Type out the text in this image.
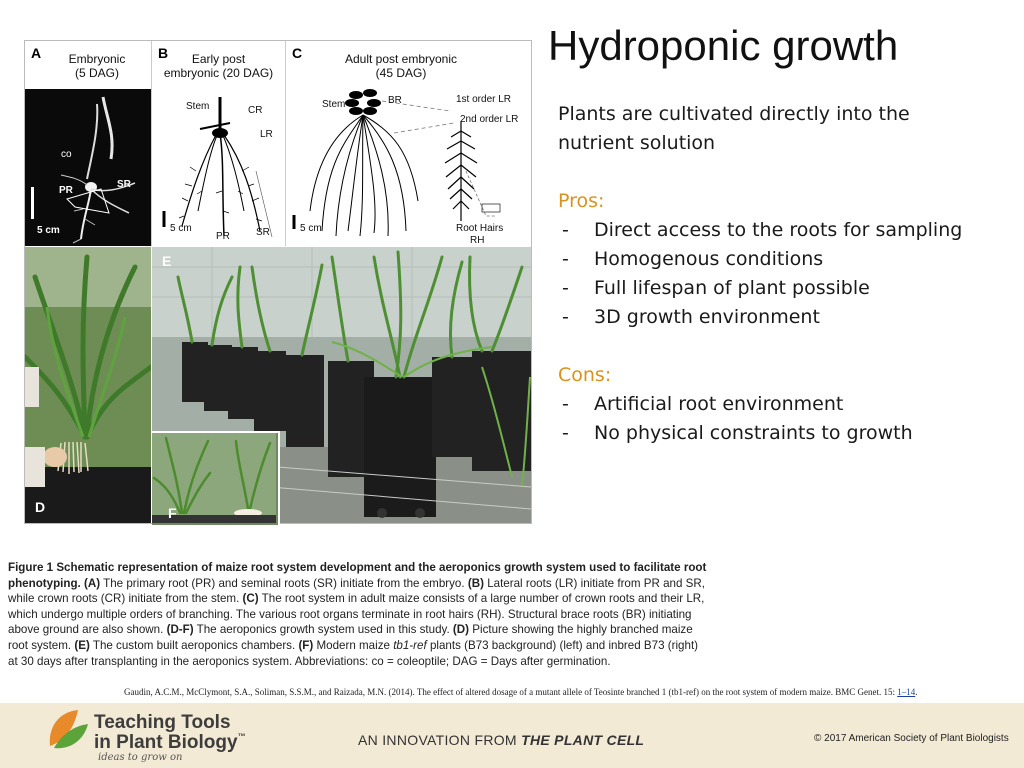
A	Embryonic
(5 DAG)
co
PR
SR
5 cm
B	Early post
embryonic (20 DAG)
Stem	CR
LR
5 cm
PR	SR
C	Adult post embryonic
(45 DAG)
Stem	BR	1st order LR
2nd order LR
5 cm	Root Hairs
RH
D
E
F
Hydroponic growth
Plants are cultivated directly into the nutrient solution
Pros:
-	Direct access to the roots for sampling
-	Homogenous conditions
-	Full lifespan of plant possible
-	3D growth environment
Cons:
-	Artificial root environment
-	No physical constraints to growth
Figure 1 Schematic representation of maize root system development and the aeroponics growth system used to facilitate root phenotyping. (A) The primary root (PR) and seminal roots (SR) initiate from the embryo. (B) Lateral roots (LR) initiate from PR and SR, while crown roots (CR) initiate from the stem. (C) The root system in adult maize consists of a large number of crown roots and their LR, which undergo multiple orders of branching. The various root organs terminate in root hairs (RH). Structural brace roots (BR) initiating above ground are also shown. (D-F) The aeroponics growth system used in this study. (D) Picture showing the highly branched maize root system. (E) The custom built aeroponics chambers. (F) Modern maize tb1-ref plants (B73 background) (left) and inbred B73 (right) at 30 days after transplanting in the aeroponics system. Abbreviations: co = coleoptile; DAG = Days after germination.
Gaudin, A.C.M., McClymont, S.A., Soliman, S.S.M., and Raizada, M.N. (2014). The effect of altered dosage of a mutant allele of Teosinte branched 1 (tb1-ref) on the root system of modern maize. BMC Genet. 15: 1–14.
Teaching Tools
in Plant Biology™
ideas to grow on
AN INNOVATION FROM THE PLANT CELL	© 2017 American Society of Plant Biologists
